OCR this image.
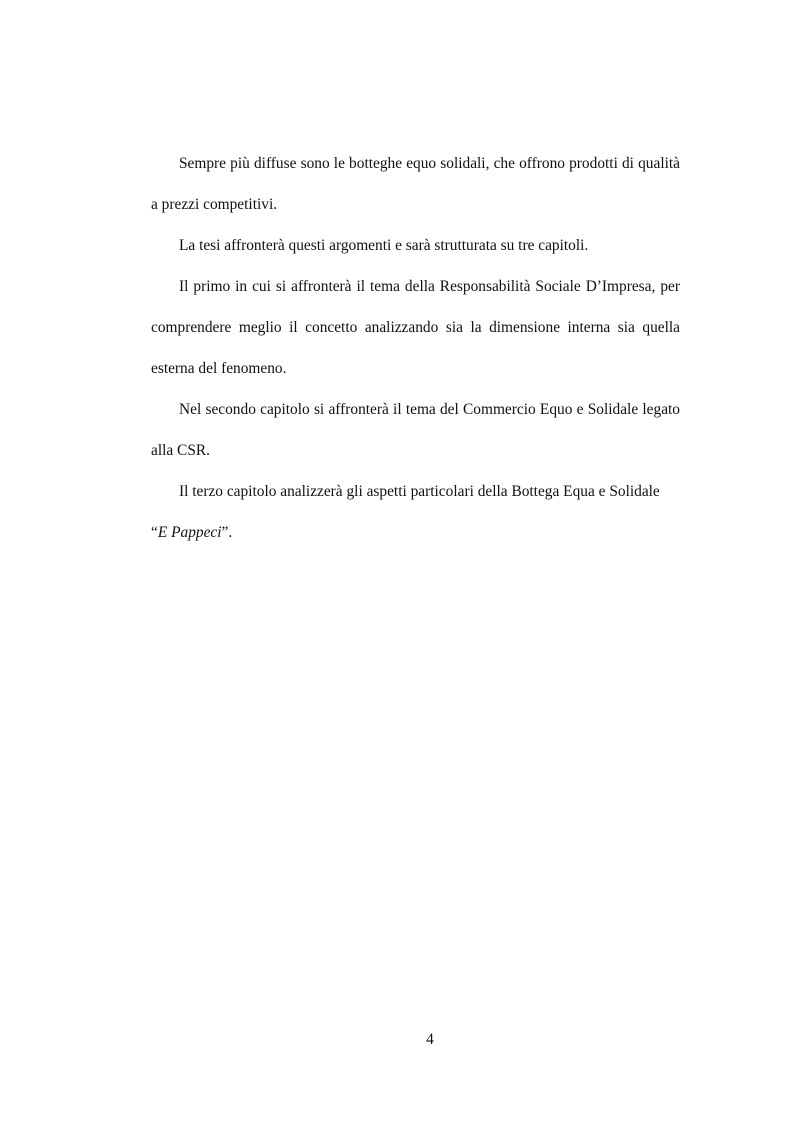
Sempre più diffuse sono le botteghe equo solidali, che offrono prodotti di qualità a prezzi competitivi.

La tesi affronterà questi argomenti e sarà strutturata su tre capitoli.

Il primo in cui si affronterà il tema della Responsabilità Sociale D’Impresa, per comprendere meglio il concetto analizzando sia la dimensione interna sia quella esterna del fenomeno.

Nel secondo capitolo si affronterà il tema del Commercio Equo e Solidale legato alla CSR.

Il terzo capitolo analizzerà gli aspetti particolari della Bottega Equa e Solidale
“E Pappeci”.

4
